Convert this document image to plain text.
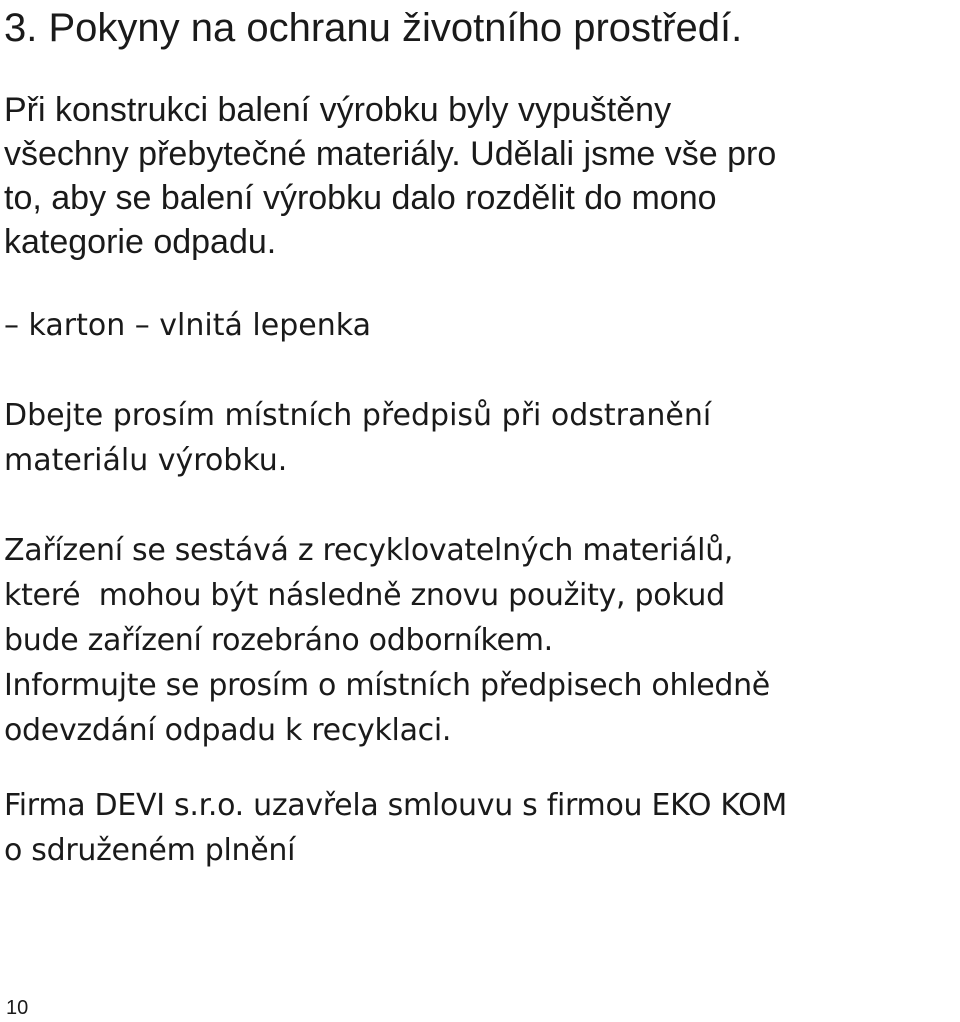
3. Pokyny na ochranu životního prostředí.

Při konstrukci balení výrobku byly vypuštěny
všechny přebytečné materiály. Udělali jsme vše pro
to, aby se balení výrobku dalo rozdělit do mono
kategorie odpadu.

– karton – vlnitá lepenka

Dbejte prosím místních předpisů při odstranění
materiálu výrobku.

Zařízení se sestává z recyklovatelných materiálů,
které  mohou být následně znovu použity, pokud
bude zařízení rozebráno odborníkem.
Informujte se prosím o místních předpisech ohledně
odevzdání odpadu k recyklaci.

Firma DEVI s.r.o. uzavřela smlouvu s firmou EKO KOM
o sdruženém plnění

10
